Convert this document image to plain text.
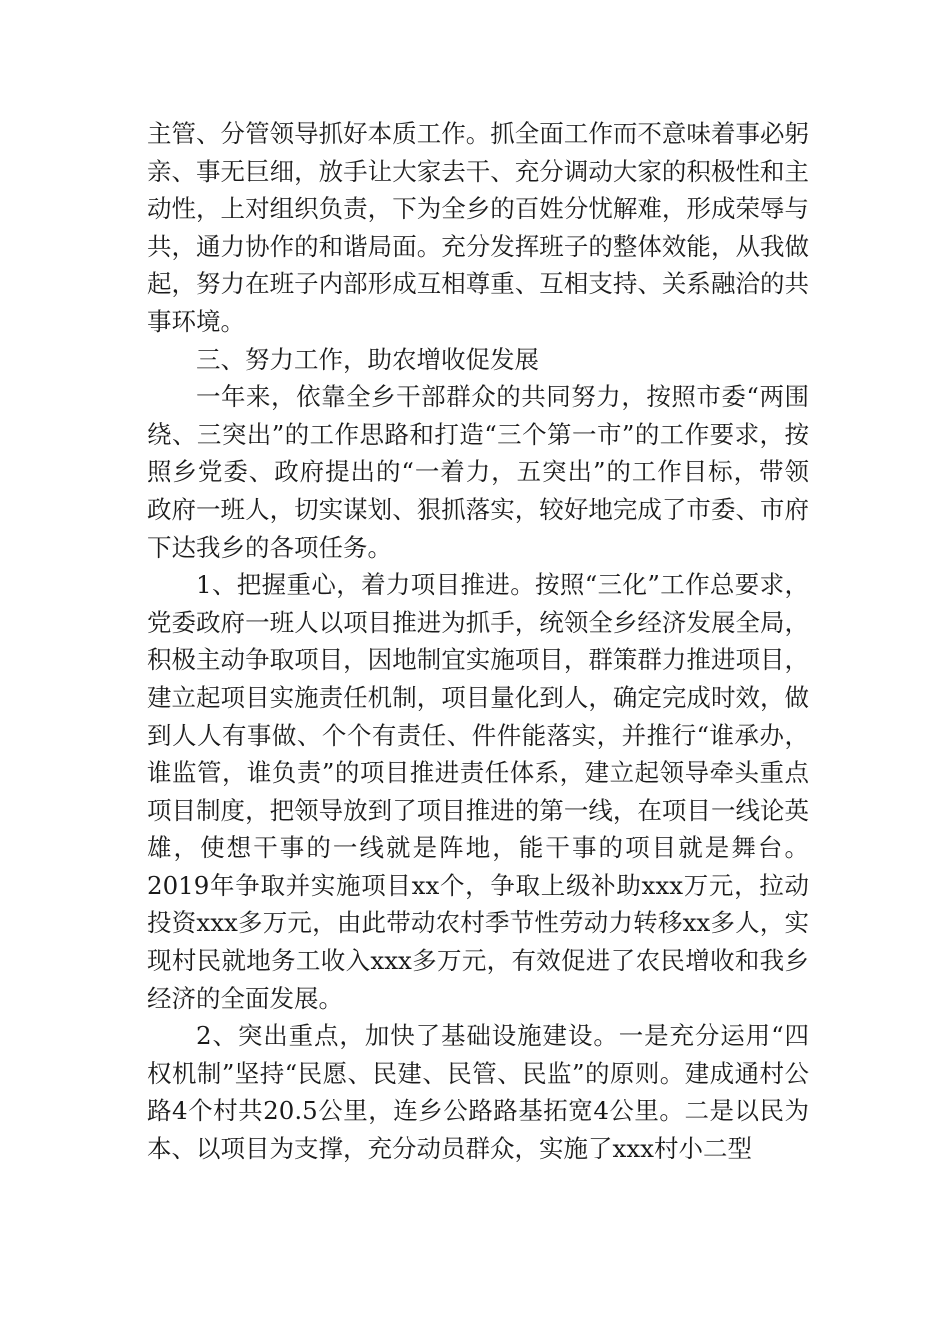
主管、分管领导抓好本质工作。抓全面工作而不意味着事必躬亲、事无巨细，放手让大家去干、充分调动大家的积极性和主动性，上对组织负责，下为全乡的百姓分忧解难，形成荣辱与共，通力协作的和谐局面。充分发挥班子的整体效能，从我做起，努力在班子内部形成互相尊重、互相支持、关系融洽的共事环境。

三、努力工作，助农增收促发展

一年来，依靠全乡干部群众的共同努力，按照市委“两围绕、三突出”的工作思路和打造“三个第一市”的工作要求，按照乡党委、政府提出的“一着力，五突出”的工作目标，带领政府一班人，切实谋划、狠抓落实，较好地完成了市委、市府下达我乡的各项任务。

1、把握重心，着力项目推进。按照“三化”工作总要求，党委政府一班人以项目推进为抓手，统领全乡经济发展全局，积极主动争取项目，因地制宜实施项目，群策群力推进项目，建立起项目实施责任机制，项目量化到人，确定完成时效，做到人人有事做、个个有责任、件件能落实，并推行“谁承办，谁监管，谁负责”的项目推进责任体系，建立起领导牵头重点项目制度，把领导放到了项目推进的第一线，在项目一线论英雄，使想干事的一线就是阵地，能干事的项目就是舞台。2019年争取并实施项目xx个，争取上级补助xxx万元，拉动投资xxx多万元，由此带动农村季节性劳动力转移xx多人，实现村民就地务工收入xxx多万元，有效促进了农民增收和我乡经济的全面发展。

2、突出重点，加快了基础设施建设。一是充分运用“四权机制”坚持“民愿、民建、民管、民监”的原则。建成通村公路4个村共20.5公里，连乡公路路基拓宽4公里。二是以民为本、以项目为支撑，充分动员群众，实施了xxx村小二型
